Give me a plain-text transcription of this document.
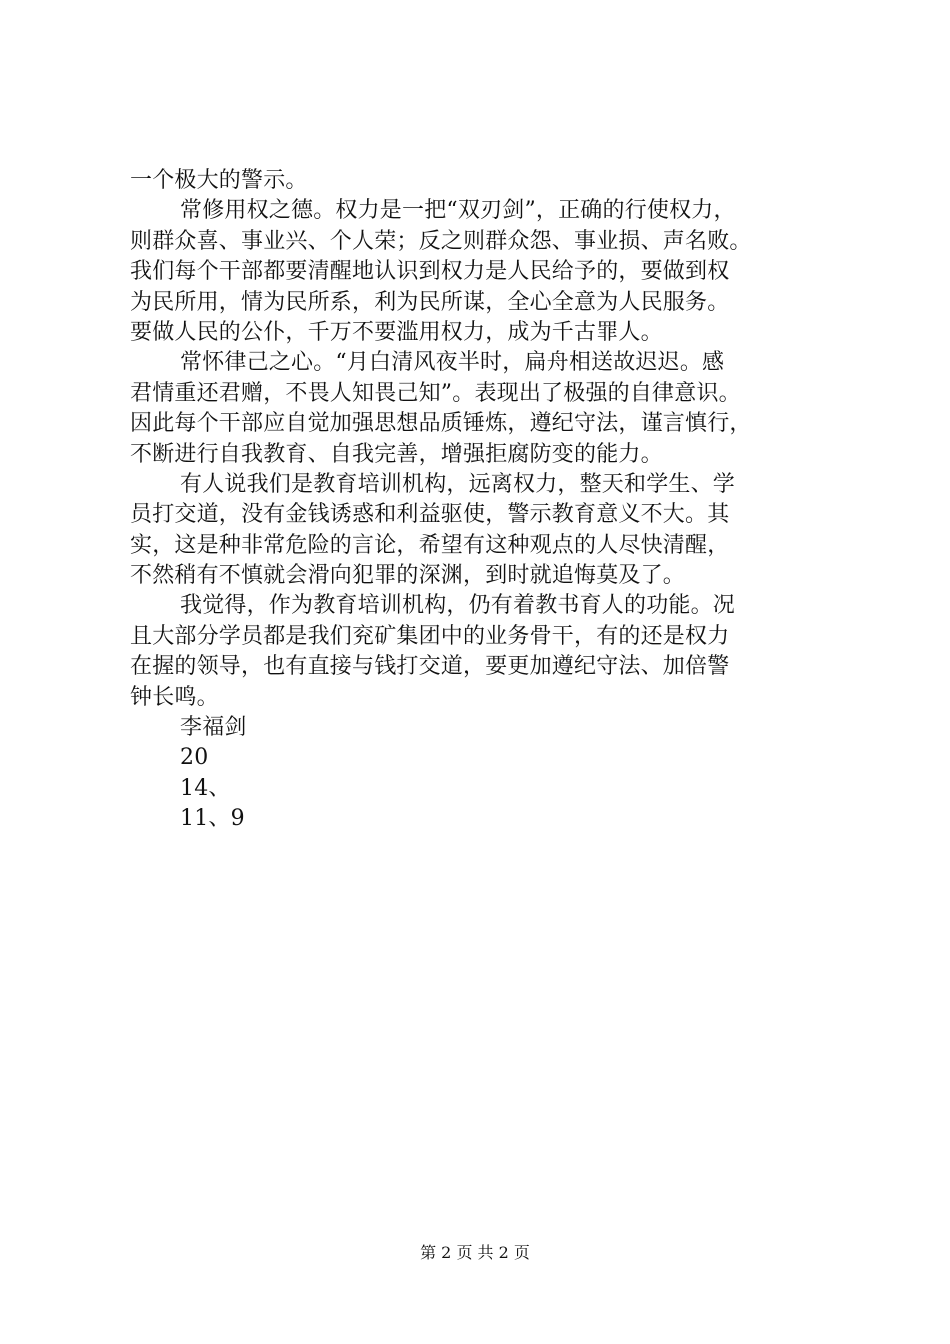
一个极大的警示。
常修用权之德。权力是一把“双刃剑”，正确的行使权力，
则群众喜、事业兴、个人荣；反之则群众怨、事业损、声名败。
我们每个干部都要清醒地认识到权力是人民给予的，要做到权
为民所用，情为民所系，利为民所谋，全心全意为人民服务。
要做人民的公仆，千万不要滥用权力，成为千古罪人。
常怀律己之心。“月白清风夜半时，扁舟相送故迟迟。感
君情重还君赠，不畏人知畏己知”。表现出了极强的自律意识。
因此每个干部应自觉加强思想品质锤炼，遵纪守法，谨言慎行，
不断进行自我教育、自我完善，增强拒腐防变的能力。
有人说我们是教育培训机构，远离权力，整天和学生、学
员打交道，没有金钱诱惑和利益驱使，警示教育意义不大。其
实，这是种非常危险的言论，希望有这种观点的人尽快清醒，
不然稍有不慎就会滑向犯罪的深渊，到时就追悔莫及了。
我觉得，作为教育培训机构，仍有着教书育人的功能。况
且大部分学员都是我们兖矿集团中的业务骨干，有的还是权力
在握的领导，也有直接与钱打交道，要更加遵纪守法、加倍警
钟长鸣。
李福剑
20
14、
11、9
第 2 页 共 2 页
